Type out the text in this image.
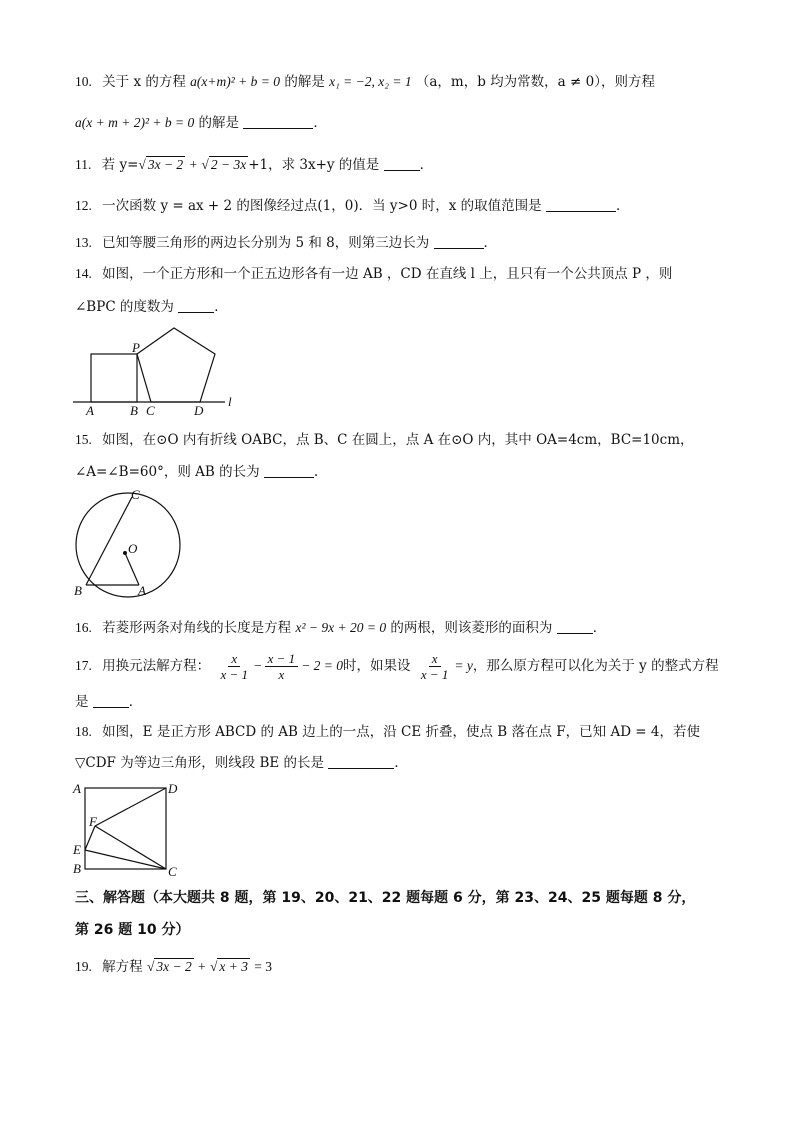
10. 关于 x 的方程 a(x+m)² + b = 0 的解是 x₁ = −2, x₂ = 1 （a，m，b 均为常数，a ≠ 0），则方程
a(x + m + 2)² + b = 0 的解是	．
11. 若 y=√ 3x − 2 + √ 2 − 3x +1，求 3x+y 的值是	．
12. 一次函数 y = ax + 2 的图像经过点(1，0)．当 y>0 时，x 的取值范围是	．
13. 已知等腰三角形的两边长分别为 5 和 8，则第三边长为	．
14. 如图，一个正方形和一个正五边形各有一边 AB ，CD 在直线 l 上，且只有一个公共顶点 P ，则
∠BPC 的度数为	．
P
A	B C	D
l
15. 如图，在⊙O 内有折线 OABC，点 B、C 在圆上，点 A 在⊙O 内，其中 OA=4cm，BC=10cm，
∠A=∠B=60°，则 AB 的长为	.
C
O
B	A
16. 若菱形两条对角线的长度是方程 x² − 9x + 20 = 0 的两根，则该菱形的面积为	．
17. 用换元法解方程： $\frac{x}{x - 1} - \frac{x - 1}{x} - 2 = 0$时，如果设 $\frac{x}{x - 1} = y$，那么原方程可以化为关于 y 的整式方程
是	．
18. 如图，E 是正方形 ABCD 的 AB 边上的一点，沿 CE 折叠，使点 B 落在点 F，已知 AD = 4，若使
▽CDF 为等边三角形，则线段 BE 的长是	．
A	D
F
E
B	C
三、解答题（本大题共 8 题，第 19、20、21、22 题每题 6 分，第 23、24、25 题每题 8 分，
第 26 题 10 分）
19. 解方程 √ 3x − 2 + √ x + 3 = 3
